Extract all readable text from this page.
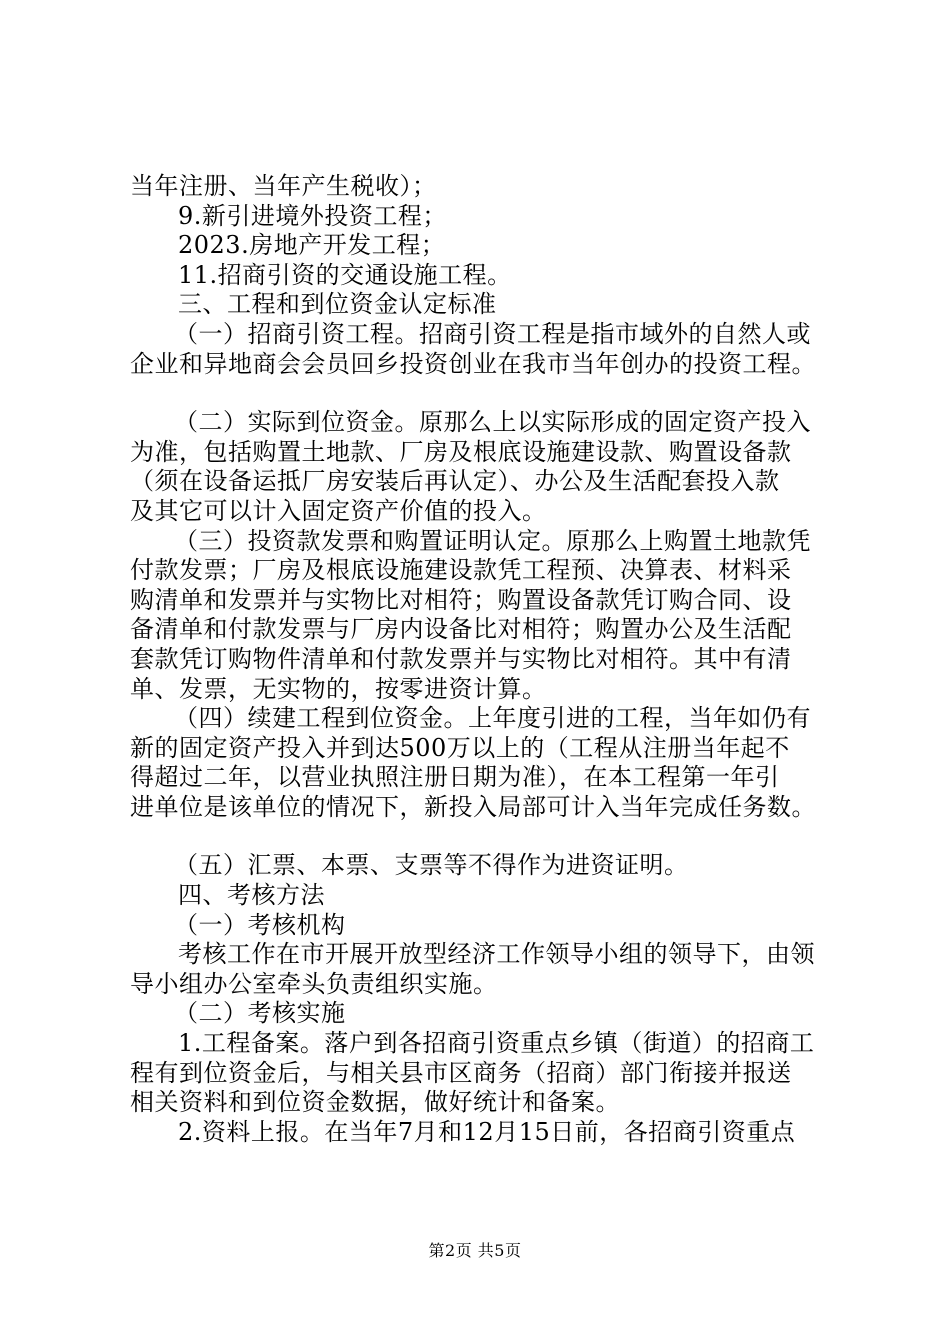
当年注册、当年产生税收）；
9.新引进境外投资工程；
2023.房地产开发工程；
11.招商引资的交通设施工程。
三、工程和到位资金认定标准
（一）招商引资工程。招商引资工程是指市域外的自然人或
企业和异地商会会员回乡投资创业在我市当年创办的投资工程。
（二）实际到位资金。原那么上以实际形成的固定资产投入
为准，包括购置土地款、厂房及根底设施建设款、购置设备款
（须在设备运抵厂房安装后再认定）、办公及生活配套投入款
及其它可以计入固定资产价值的投入。
（三）投资款发票和购置证明认定。原那么上购置土地款凭
付款发票；厂房及根底设施建设款凭工程预、决算表、材料采
购清单和发票并与实物比对相符；购置设备款凭订购合同、设
备清单和付款发票与厂房内设备比对相符；购置办公及生活配
套款凭订购物件清单和付款发票并与实物比对相符。其中有清
单、发票，无实物的，按零进资计算。
（四）续建工程到位资金。上年度引进的工程，当年如仍有
新的固定资产投入并到达500万以上的（工程从注册当年起不
得超过二年，以营业执照注册日期为准），在本工程第一年引
进单位是该单位的情况下，新投入局部可计入当年完成任务数。
（五）汇票、本票、支票等不得作为进资证明。
四、考核方法
（一）考核机构
考核工作在市开展开放型经济工作领导小组的领导下，由领
导小组办公室牵头负责组织实施。
（二）考核实施
1.工程备案。落户到各招商引资重点乡镇（街道）的招商工
程有到位资金后，与相关县市区商务（招商）部门衔接并报送
相关资料和到位资金数据，做好统计和备案。
2.资料上报。在当年7月和12月15日前，各招商引资重点
第2页 共5页
